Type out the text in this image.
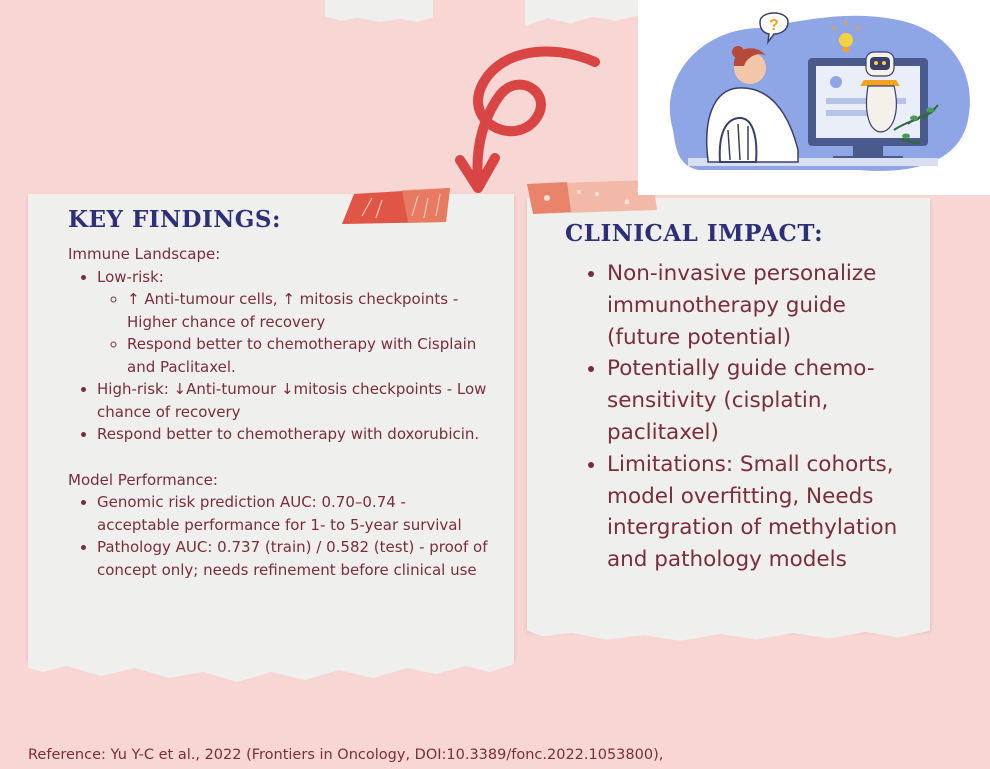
?
KEY FINDINGS:
CLINICAL IMPACT:

Immune Landscape:

• Low-risk:
◦ ↑ Anti-tumour cells, ↑ mitosis checkpoints - Higher chance of recovery
◦ Respond better to chemotherapy with Cisplain and Paclitaxel.
• High-risk: ↓Anti-tumour ↓mitosis checkpoints - Low chance of recovery
• Respond better to chemotherapy with doxorubicin.

Model Performance:

• Genomic risk prediction AUC: 0.70–0.74 - acceptable performance for 1- to 5-year survival
• Pathology AUC: 0.737 (train) / 0.582 (test) - proof of concept only; needs refinement before clinical use
• Non-invasive personalize immunotherapy guide (future potential)
• Potentially guide chemo-sensitivity (cisplatin, paclitaxel)
• Limitations: Small cohorts, model overfitting, Needs intergration of methylation and pathology models
Reference: Yu Y-C et al., 2022 (Frontiers in Oncology, DOI:10.3389/fonc.2022.1053800),
